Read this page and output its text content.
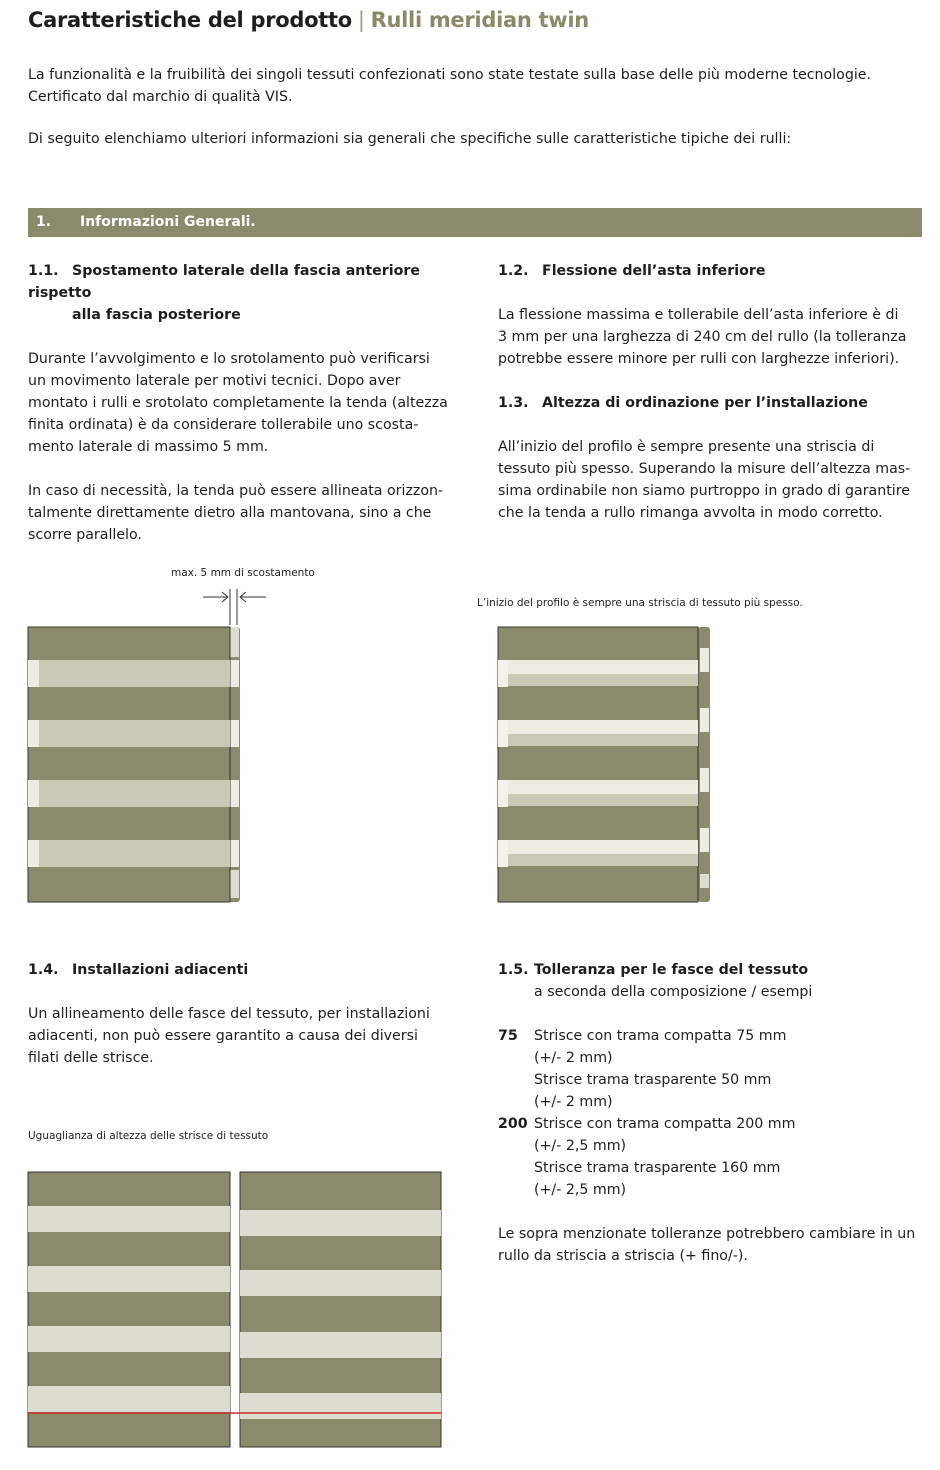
Caratteristiche del prodotto | Rulli meridian twin
La funzionalità e la fruibilità dei singoli tessuti confezionati sono state testate sulla base delle più moderne tecnologie.
Certificato dal marchio di qualità VIS.
Di seguito elenchiamo ulteriori informazioni sia generali che specifiche sulle caratteristiche tipiche dei rulli:
1. Informazioni Generali.
1.1. Spostamento laterale della fascia anteriore rispetto
alla fascia posteriore
Durante l’avvolgimento e lo srotolamento può verificarsi
un movimento laterale per motivi tecnici. Dopo aver
montato i rulli e srotolato completamente la tenda (altezza
finita ordinata) è da considerare tollerabile uno scosta-
mento laterale di massimo 5 mm.
In caso di necessità, la tenda può essere allineata orizzon-
talmente direttamente dietro alla mantovana, sino a che
scorre parallelo.
1.2. Flessione dell’asta inferiore
La flessione massima e tollerabile dell’asta inferiore è di
3 mm per una larghezza di 240 cm del rullo (la tolleranza
potrebbe essere minore per rulli con larghezze inferiori).
1.3. Altezza di ordinazione per l’installazione
All’inizio del profilo è sempre presente una striscia di
tessuto più spesso. Superando la misure dell’altezza mas-
sima ordinabile non siamo purtroppo in grado di garantire
che la tenda a rullo rimanga avvolta in modo corretto.
max. 5 mm di scostamento
L’inizio del profilo è sempre una striscia di tessuto più spesso.
1.4. Installazioni adiacenti
Un allineamento delle fasce del tessuto, per installazioni
adiacenti, non può essere garantito a causa dei diversi
filati delle strisce.
Uguaglianza di altezza delle strisce di tessuto
1.5. Tolleranza per le fasce del tessuto
a seconda della composizione / esempi
75	Strisce con trama compatta 75 mm
	(+/- 2 mm)
	Strisce trama trasparente 50 mm
	(+/- 2 mm)
200	Strisce con trama compatta 200 mm
	(+/- 2,5 mm)
	Strisce trama trasparente 160 mm
	(+/- 2,5 mm)
Le sopra menzionate tolleranze potrebbero cambiare in un
rullo da striscia a striscia (+ fino/-).
